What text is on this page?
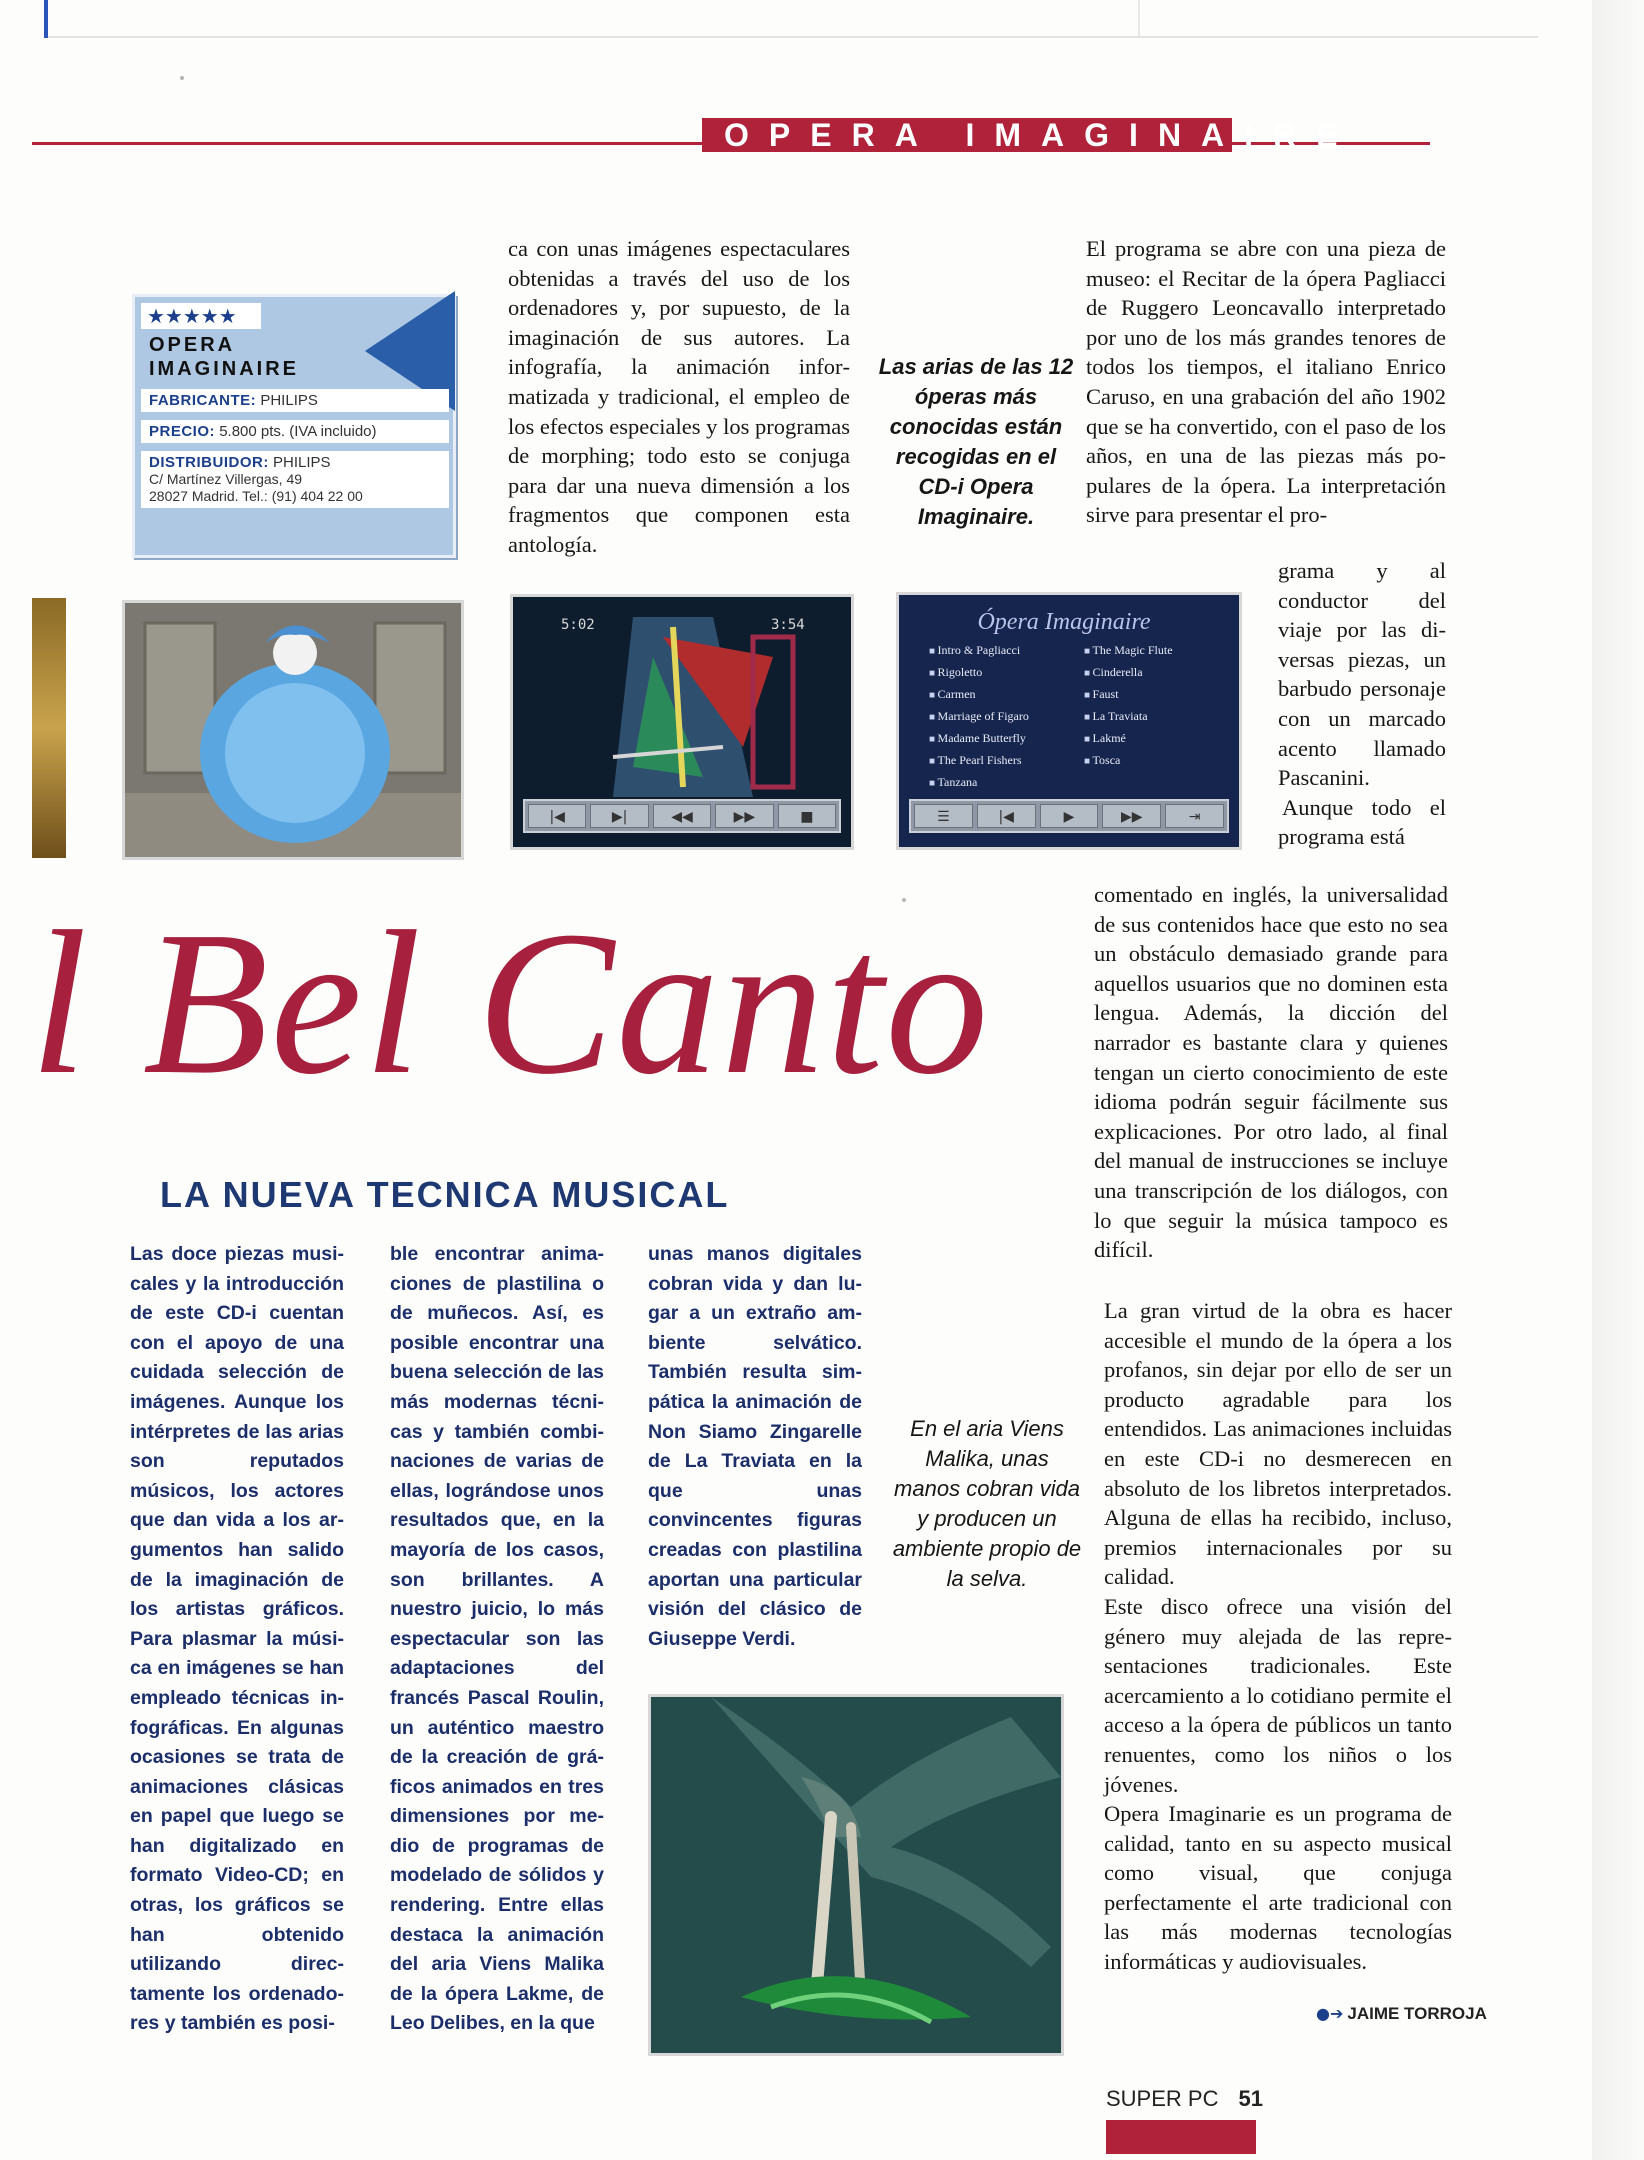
OPERA IMAGINAIRE
★★★★★
OPERA
IMAGINAIRE
FABRICANTE: PHILIPS
PRECIO: 5.800 pts. (IVA incluido)
DISTRIBUIDOR: PHILIPS
C/ Martínez Villergas, 49
28027 Madrid. Tel.: (91) 404 22 00
ca con unas imágenes espectaculares obtenidas a través del uso de los ordenadores y, por supuesto, de la imaginación de sus autores. La infografía, la animación informatizada y tradicional, el empleo de los efectos especiales y los programas de morphing; todo esto se conjuga para dar una nueva dimensión a los fragmentos que componen esta antología.
Las arias de las 12 óperas más conocidas están recogidas en el CD-i Opera Imaginaire.
El programa se abre con una pieza de museo: el Recitar de la ópera Pagliacci de Ruggero Leoncavallo interpretado por uno de los más grandes tenores de todos los tiempos, el italiano Enrico Caruso, en una grabación del año 1902 que se ha convertido, con el paso de los años, en una de las piezas más populares de la ópera. La interpretación sirve para presentar el pro-
grama y al conductor del viaje por las diversas piezas, un barbudo personaje con un marcado acento llamado Pascanini.

Aunque todo el programa está
comentado en inglés, la universalidad de sus contenidos hace que esto no sea un obstáculo demasiado grande para aquellos usuarios que no dominen esta lengua. Además, la dicción del narrador es bastante clara y quienes tengan un cierto conocimiento de este idioma podrán seguir fácilmente sus explicaciones. Por otro lado, al final del manual de instrucciones se incluye una transcripción de los diálogos, con lo que seguir la música tampoco es difícil.
La gran virtud de la obra es hacer accesible el mundo de la ópera a los profanos, sin dejar por ello de ser un producto agradable para los entendidos. Las animaciones incluidas en este CD-i no desmerecen en absoluto de los libretos interpretados. Alguna de ellas ha recibido, incluso, premios internacionales por su calidad.
Este disco ofrece una visión del género muy alejada de las representaciones tradicionales. Este acercamiento a lo cotidiano permite el acceso a la ópera de públicos un tanto renuentes, como los niños o los jóvenes.
Opera Imaginarie es un programa de calidad, tanto en su aspecto musical como visual, que conjuga perfectamente el arte tradicional con las más modernas tecnologías informáticas y audiovisuales.
5:02	3:54
|◀	▶|	◀◀	▶▶	■
Ópera Imaginaire
■ Intro & Pagliacci	■ The Magic Flute
■ Rigoletto	■ Cinderella
■ Carmen	■ Faust
■ Marriage of Figaro	■ La Traviata
■ Madame Butterfly	■ Lakmé
■ The Pearl Fishers	■ Tosca
■ Tanzana
☰	|◀	▶	▶▶	⇥
l Bel Canto
LA NUEVA TECNICA MUSICAL
Las doce piezas musicales y la introducción de este CD-i cuentan con el apoyo de una cuidada selección de imágenes. Aunque los intérpretes de las arias son reputados músicos, los actores que dan vida a los argumentos han salido de la imaginación de los artistas gráficos. Para plasmar la música en imágenes se han empleado técnicas infográficas. En algunas ocasiones se trata de animaciones clásicas en papel que luego se han digitalizado en formato Video-CD; en otras, los gráficos se han obtenido utilizando directamente los ordenadores y también es posi-
ble encontrar animaciones de plastilina o de muñecos. Así, es posible encontrar una buena selección de las más modernas técnicas y también combinaciones de varias de ellas, lográndose unos resultados que, en la mayoría de los casos, son brillantes. A nuestro juicio, lo más espectacular son las adaptaciones del francés Pascal Roulin, un auténtico maestro de la creación de gráficos animados en tres dimensiones por medio de programas de modelado de sólidos y rendering. Entre ellas destaca la animación del aria Viens Malika de la ópera Lakme, de Leo Delibes, en la que
unas manos digitales cobran vida y dan lugar a un extraño ambiente selvático. También resulta simpática la animación de Non Siamo Zingarelle de La Traviata en la que unas convincentes figuras creadas con plastilina aportan una particular visión del clásico de Giuseppe Verdi.
En el aria Viens Malika, unas manos cobran vida y producen un ambiente propio de la selva.
●➔ JAIME TORROJA
SUPER PC 51
